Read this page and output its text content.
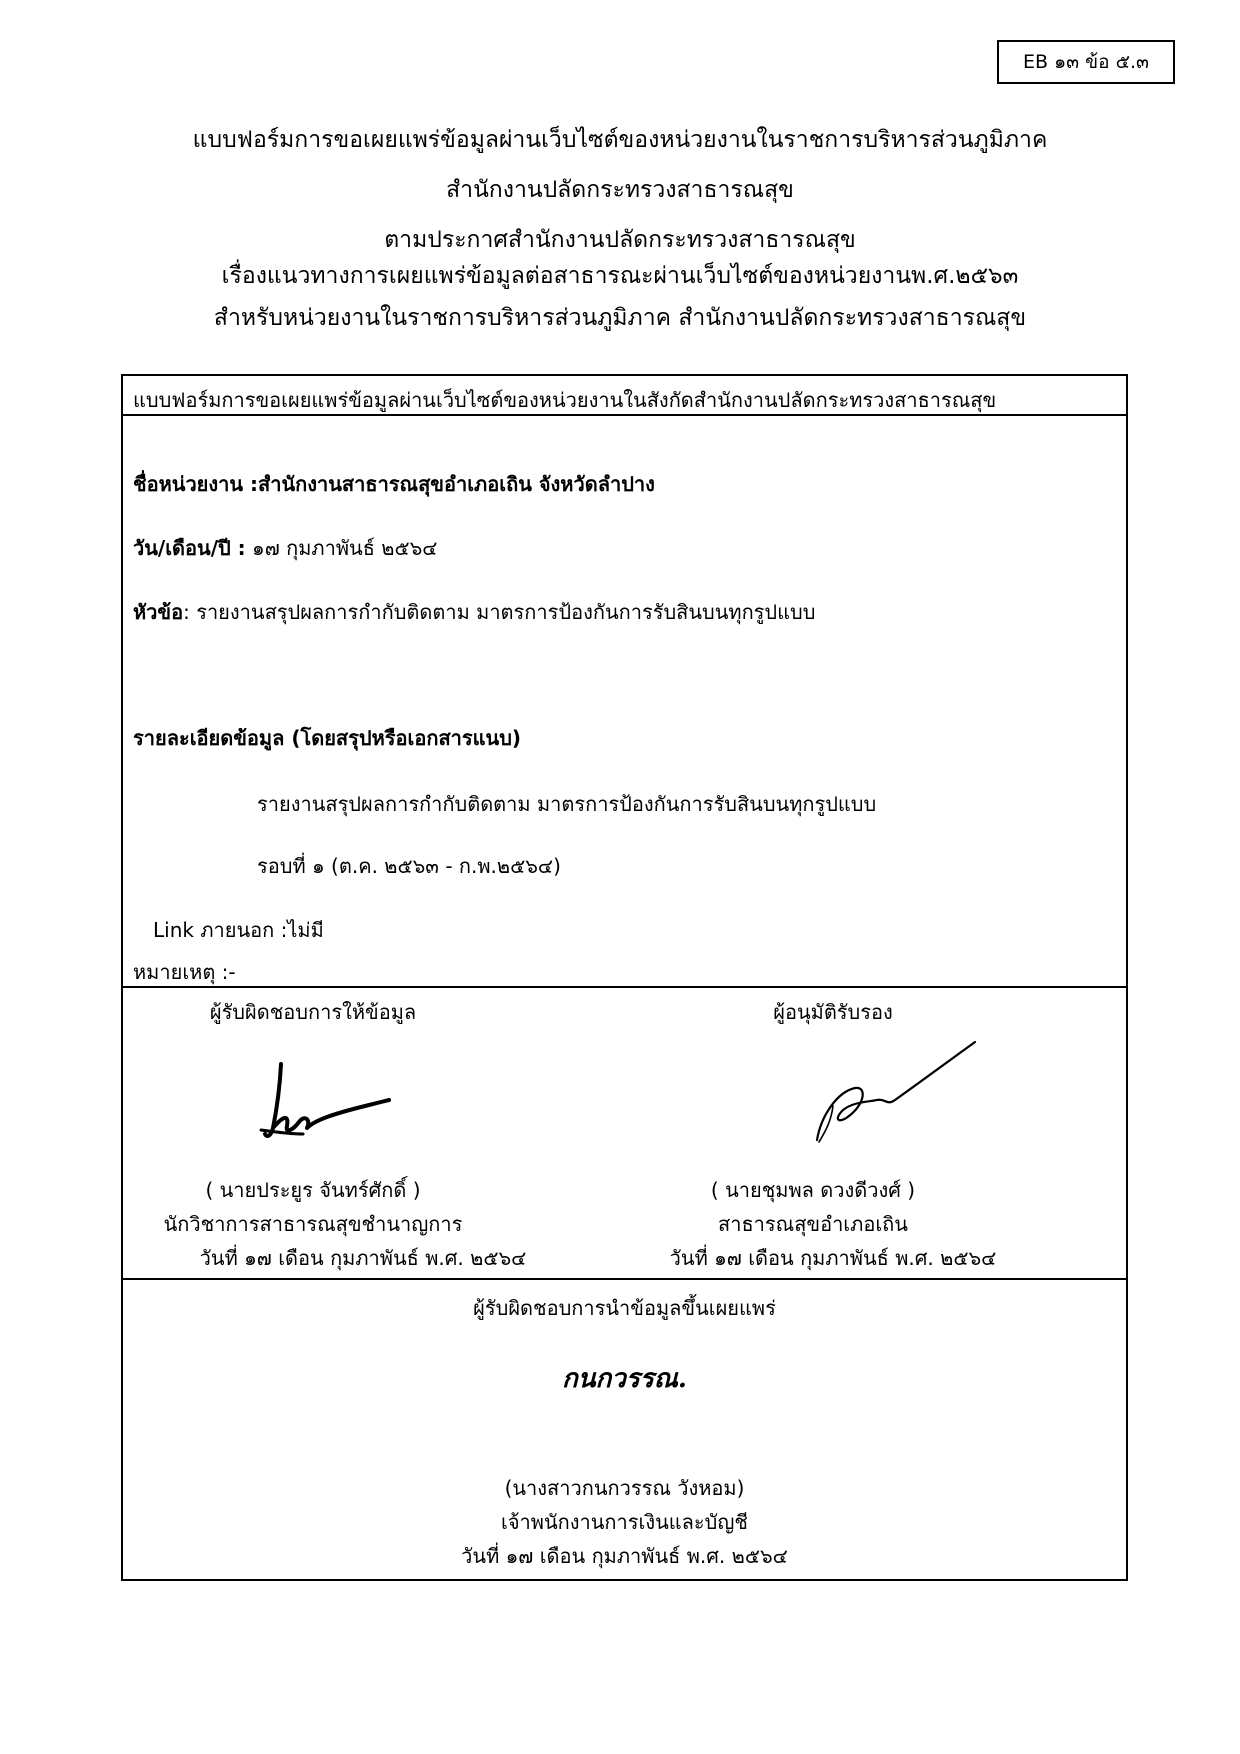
EB ๑๓ ข้อ ๕.๓
แบบฟอร์มการขอเผยแพร่ข้อมูลผ่านเว็บไซต์ของหน่วยงานในราชการบริหารส่วนภูมิภาค
สำนักงานปลัดกระทรวงสาธารณสุข
ตามประกาศสำนักงานปลัดกระทรวงสาธารณสุข
เรื่องแนวทางการเผยแพร่ข้อมูลต่อสาธารณะผ่านเว็บไซต์ของหน่วยงานพ.ศ.๒๕๖๓
สำหรับหน่วยงานในราชการบริหารส่วนภูมิภาค สำนักงานปลัดกระทรวงสาธารณสุข
แบบฟอร์มการขอเผยแพร่ข้อมูลผ่านเว็บไซต์ของหน่วยงานในสังกัดสำนักงานปลัดกระทรวงสาธารณสุข
ชื่อหน่วยงาน :สำนักงานสาธารณสุขอำเภอเถิน จังหวัดลำปาง
วัน/เดือน/ปี : ๑๗ กุมภาพันธ์ ๒๕๖๔
หัวข้อ: รายงานสรุปผลการกำกับติดตาม มาตรการป้องกันการรับสินบนทุกรูปแบบ
รายละเอียดข้อมูล (โดยสรุปหรือเอกสารแนบ)
รายงานสรุปผลการกำกับติดตาม มาตรการป้องกันการรับสินบนทุกรูปแบบ
รอบที่ ๑ (ต.ค. ๒๕๖๓ - ก.พ.๒๕๖๔)
Link ภายนอก :ไม่มี
หมายเหตุ :-
ผู้รับผิดชอบการให้ข้อมูล
( นายประยูร จันทร์ศักดิ์ )
นักวิชาการสาธารณสุขชำนาญการ
วันที่ ๑๗ เดือน กุมภาพันธ์ พ.ศ. ๒๕๖๔
ผู้อนุมัติรับรอง
( นายชุมพล ดวงดีวงศ์ )
สาธารณสุขอำเภอเถิน
วันที่ ๑๗ เดือน กุมภาพันธ์ พ.ศ. ๒๕๖๔
ผู้รับผิดชอบการนำข้อมูลขึ้นเผยแพร่
กนกวรรณ.
(นางสาวกนกวรรณ วังหอม)
เจ้าพนักงานการเงินและบัญชี
วันที่ ๑๗ เดือน กุมภาพันธ์ พ.ศ. ๒๕๖๔
